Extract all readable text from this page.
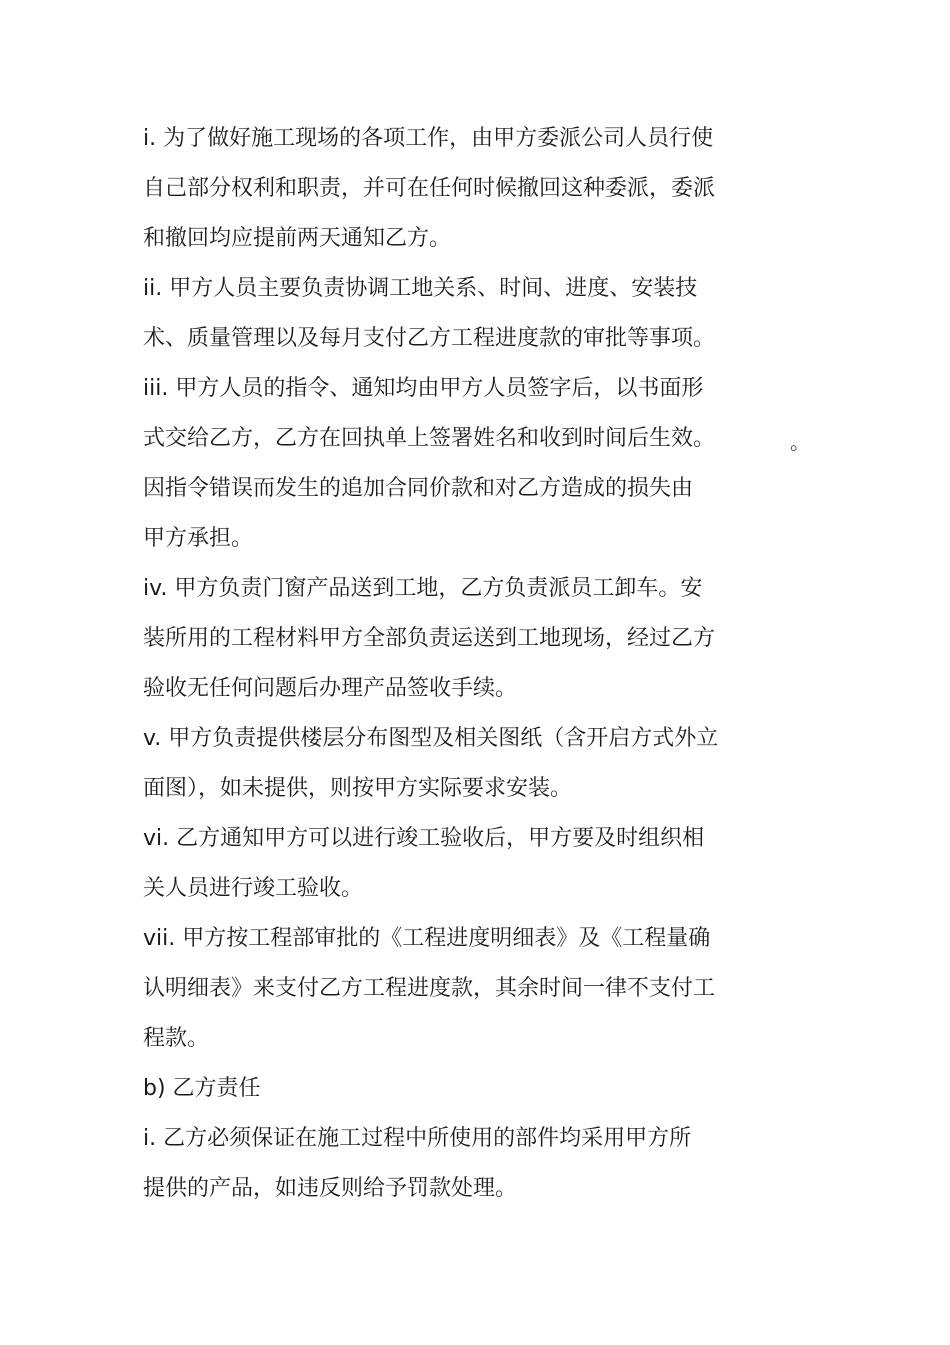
i. 为了做好施工现场的各项工作，由甲方委派公司人员行使
自己部分权利和职责，并可在任何时候撤回这种委派，委派
和撤回均应提前两天通知乙方。
ii. 甲方人员主要负责协调工地关系、时间、进度、安装技
术、质量管理以及每月支付乙方工程进度款的审批等事项。
iii. 甲方人员的指令、通知均由甲方人员签字后，以书面形
式交给乙方，乙方在回执单上签署姓名和收到时间后生效。
因指令错误而发生的追加合同价款和对乙方造成的损失由
甲方承担。
iv. 甲方负责门窗产品送到工地，乙方负责派员工卸车。安
装所用的工程材料甲方全部负责运送到工地现场，经过乙方
验收无任何问题后办理产品签收手续。
v. 甲方负责提供楼层分布图型及相关图纸（含开启方式外立
面图），如未提供，则按甲方实际要求安装。
vi. 乙方通知甲方可以进行竣工验收后，甲方要及时组织相
关人员进行竣工验收。
vii. 甲方按工程部审批的《工程进度明细表》及《工程量确
认明细表》来支付乙方工程进度款，其余时间一律不支付工
程款。
b) 乙方责任
i. 乙方必须保证在施工过程中所使用的部件均采用甲方所
提供的产品，如违反则给予罚款处理。
。
